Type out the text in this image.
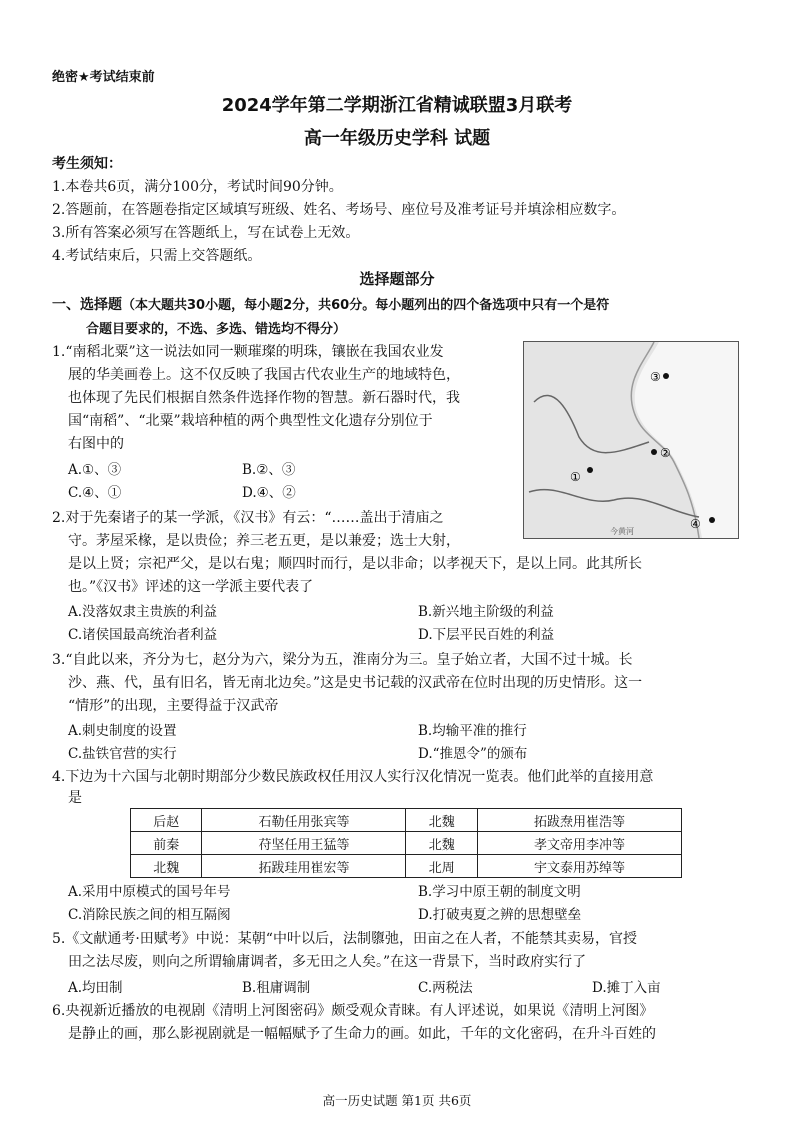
绝密★考试结束前
2024学年第二学期浙江省精诚联盟3月联考
高一年级历史学科 试题
考生须知：
1.本卷共6页，满分100分，考试时间90分钟。
2.答题前，在答题卷指定区域填写班级、姓名、考场号、座位号及准考证号并填涂相应数字。
3.所有答案必须写在答题纸上，写在试卷上无效。
4.考试结束后，只需上交答题纸。
选择题部分
一、选择题（本大题共30小题，每小题2分，共60分。每小题列出的四个备选项中只有一个是符
合题目要求的，不选、多选、错选均不得分）
1.“南稻北粟”这一说法如同一颗璀璨的明珠，镶嵌在我国农业发
展的华美画卷上。这不仅反映了我国古代农业生产的地域特色，
也体现了先民们根据自然条件选择作物的智慧。新石器时代，我
国“南稻”、“北粟”栽培种植的两个典型性文化遗存分别位于
右图中的
A.①、③	B.②、③
C.④、①	D.④、②
③
②
①
④
今黄河
2.对于先秦诸子的某一学派，《汉书》有云：“……盖出于清庙之
守。茅屋采椽，是以贵俭；养三老五更，是以兼爱；选士大射，
是以上贤；宗祀严父，是以右鬼；顺四时而行，是以非命；以孝视天下，是以上同。此其所长
也。”《汉书》评述的这一学派主要代表了
A.没落奴隶主贵族的利益	B.新兴地主阶级的利益
C.诸侯国最高统治者利益	D.下层平民百姓的利益
3.“自此以来，齐分为七，赵分为六，梁分为五，淮南分为三。皇子始立者，大国不过十城。长
沙、燕、代，虽有旧名，皆无南北边矣。”这是史书记载的汉武帝在位时出现的历史情形。这一
“情形”的出现，主要得益于汉武帝
A.刺史制度的设置	B.均输平准的推行
C.盐铁官营的实行	D.“推恩令”的颁布
4.下边为十六国与北朝时期部分少数民族政权任用汉人实行汉化情况一览表。他们此举的直接用意
是
后赵	石勒任用张宾等	北魏	拓跋焘用崔浩等
前秦	苻坚任用王猛等	北魏	孝文帝用李冲等
北魏	拓跋珪用崔宏等	北周	宇文泰用苏绰等
A.采用中原模式的国号年号	B.学习中原王朝的制度文明
C.消除民族之间的相互隔阂	D.打破夷夏之辨的思想壁垒
5.《文献通考·田赋考》中说：某朝“中叶以后，法制隳弛，田亩之在人者，不能禁其卖易，官授
田之法尽废，则向之所谓输庸调者，多无田之人矣。”在这一背景下，当时政府实行了
A.均田制	B.租庸调制	C.两税法	D.摊丁入亩
6.央视新近播放的电视剧《清明上河图密码》颇受观众青睐。有人评述说，如果说《清明上河图》
是静止的画，那么影视剧就是一幅幅赋予了生命力的画。如此，千年的文化密码，在升斗百姓的
高一历史试题 第1页 共6页
